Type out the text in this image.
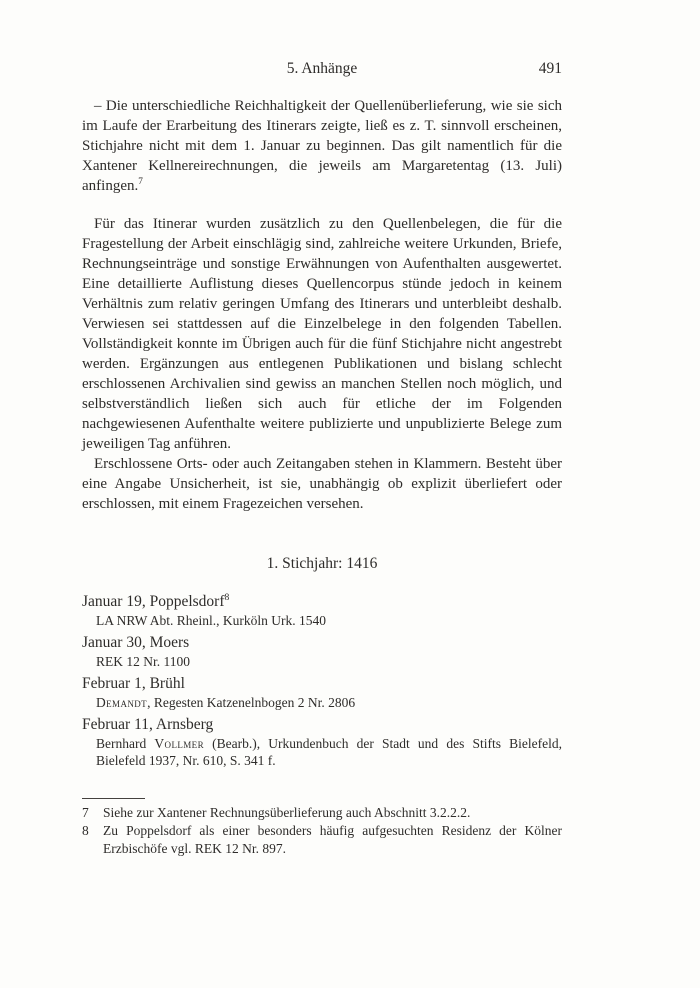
5. Anhänge	491

– Die unterschiedliche Reichhaltigkeit der Quellenüberlieferung, wie sie sich im Laufe der Erarbeitung des Itinerars zeigte, ließ es z. T. sinnvoll erscheinen, Stichjahre nicht mit dem 1. Januar zu beginnen. Das gilt namentlich für die Xantener Kellnereirechnungen, die jeweils am Margaretentag (13. Juli) anfingen.$^7$

Für das Itinerar wurden zusätzlich zu den Quellenbelegen, die für die Fragestellung der Arbeit einschlägig sind, zahlreiche weitere Urkunden, Briefe, Rechnungseinträge und sonstige Erwähnungen von Aufenthalten ausgewertet. Eine detaillierte Auflistung dieses Quellencorpus stünde jedoch in keinem Verhältnis zum relativ geringen Umfang des Itinerars und unterbleibt deshalb. Verwiesen sei stattdessen auf die Einzelbelege in den folgenden Tabellen. Vollständigkeit konnte im Übrigen auch für die fünf Stichjahre nicht angestrebt werden. Ergänzungen aus entlegenen Publikationen und bislang schlecht erschlossenen Archivalien sind gewiss an manchen Stellen noch möglich, und selbstverständlich ließen sich auch für etliche der im Folgenden nachgewiesenen Aufenthalte weitere publizierte und unpublizierte Belege zum jeweiligen Tag anführen.

Erschlossene Orts- oder auch Zeitangaben stehen in Klammern. Besteht über eine Angabe Unsicherheit, ist sie, unabhängig ob explizit überliefert oder erschlossen, mit einem Fragezeichen versehen.

1. Stichjahr: 1416
Januar 19, Poppelsdorf$^8$
LA NRW Abt. Rheinl., Kurköln Urk. 1540
Januar 30, Moers
REK 12 Nr. 1100
Februar 1, Brühl
Demandt, Regesten Katzenelnbogen 2 Nr. 2806
Februar 11, Arnsberg
Bernhard Vollmer (Bearb.), Urkundenbuch der Stadt und des Stifts Bielefeld, Bielefeld 1937, Nr. 610, S. 341 f.
7	Siehe zur Xantener Rechnungsüberlieferung auch Abschnitt 3.2.2.2.
8	Zu Poppelsdorf als einer besonders häufig aufgesuchten Residenz der Kölner Erzbischöfe vgl. REK 12 Nr. 897.
